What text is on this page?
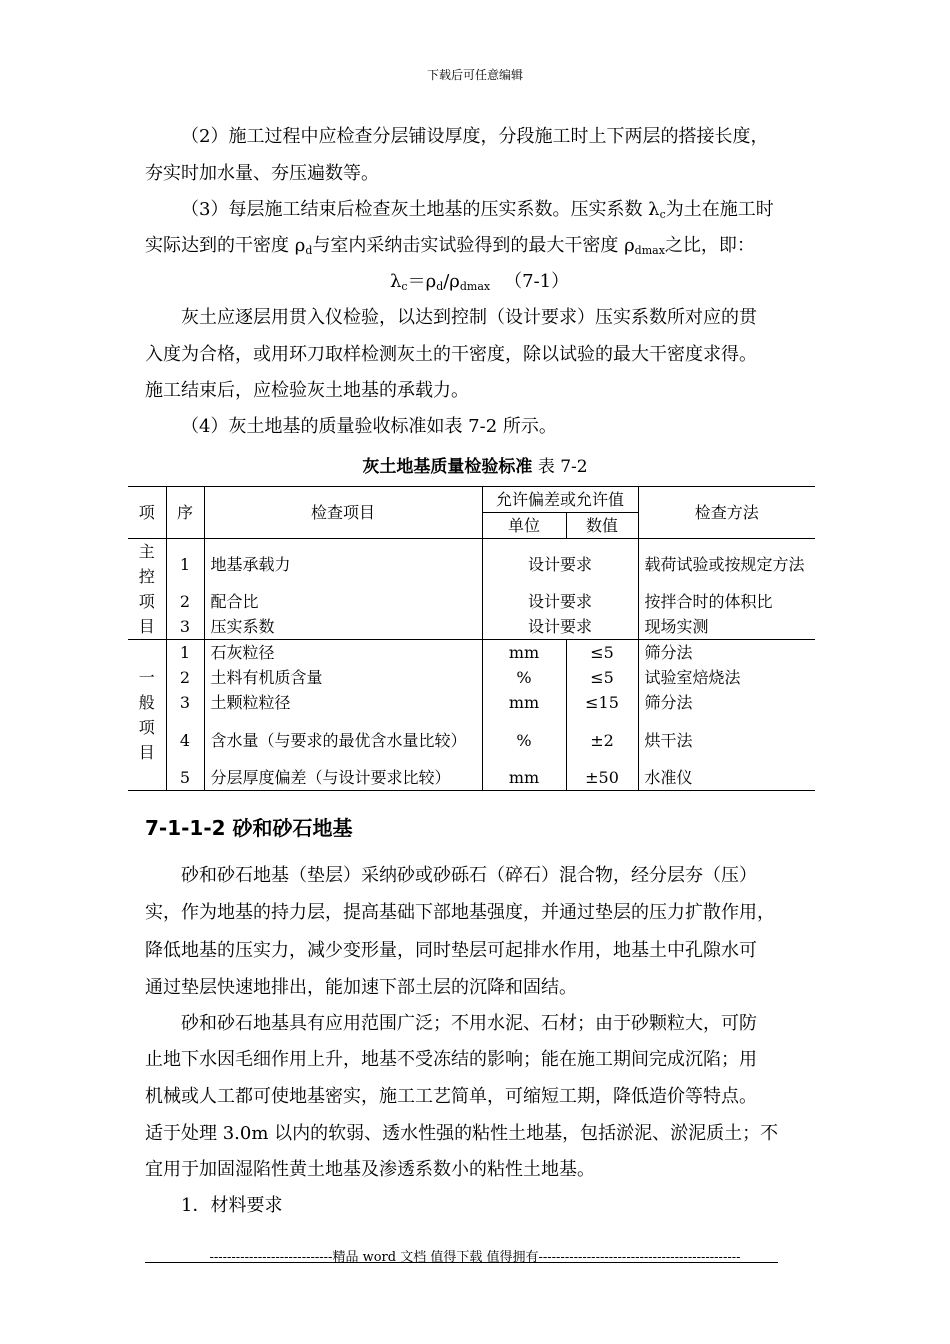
下载后可任意编辑
（2）施工过程中应检查分层铺设厚度，分段施工时上下两层的搭接长度，
夯实时加水量、夯压遍数等。
（3）每层施工结束后检查灰土地基的压实系数。压实系数 $\lambda_c$为土在施工时
实际达到的干密度 $\rho_d$与室内采纳击实试验得到的最大干密度 $\rho_{dmax}$之比，即：
$\lambda_c=\rho_d/\rho_{dmax}$ （7-1）
灰土应逐层用贯入仪检验，以达到控制（设计要求）压实系数所对应的贯
入度为合格，或用环刀取样检测灰土的干密度，除以试验的最大干密度求得。
施工结束后，应检验灰土地基的承载力。
（4）灰土地基的质量验收标准如表 7-2 所示。
灰土地基质量检验标准 表 7-2
项	序	检查项目	允许偏差或允许值		检查方法
			单位	数值	
主
控
项
目	1	地基承载力	设计要求		载荷试验或按规定方法
	2	配合比	设计要求		按拌合时的体积比
	3	压实系数	设计要求		现场实测
一
般
项
目	1	石灰粒径	mm	≤5	筛分法
	2	土料有机质含量	%	≤5	试验室焙烧法
	3	土颗粒粒径	mm	≤15	筛分法
	4	含水量（与要求的最优含水量比较）	%	±2	烘干法
	5	分层厚度偏差（与设计要求比较）	mm	±50	水准仪
7-1-1-2 砂和砂石地基
砂和砂石地基（垫层）采纳砂或砂砾石（碎石）混合物，经分层夯（压）
实，作为地基的持力层，提高基础下部地基强度，并通过垫层的压力扩散作用，
降低地基的压实力，减少变形量，同时垫层可起排水作用，地基土中孔隙水可
通过垫层快速地排出，能加速下部土层的沉降和固结。
砂和砂石地基具有应用范围广泛；不用水泥、石材；由于砂颗粒大，可防
止地下水因毛细作用上升，地基不受冻结的影响；能在施工期间完成沉陷；用
机械或人工都可使地基密实，施工工艺简单，可缩短工期，降低造价等特点。
适于处理 3.0m 以内的软弱、透水性强的粘性土地基，包括淤泥、淤泥质土；不
宜用于加固湿陷性黄土地基及渗透系数小的粘性土地基。
1．材料要求
----------------------------精品 word 文档 值得下载 值得拥有----------------------------------------------
